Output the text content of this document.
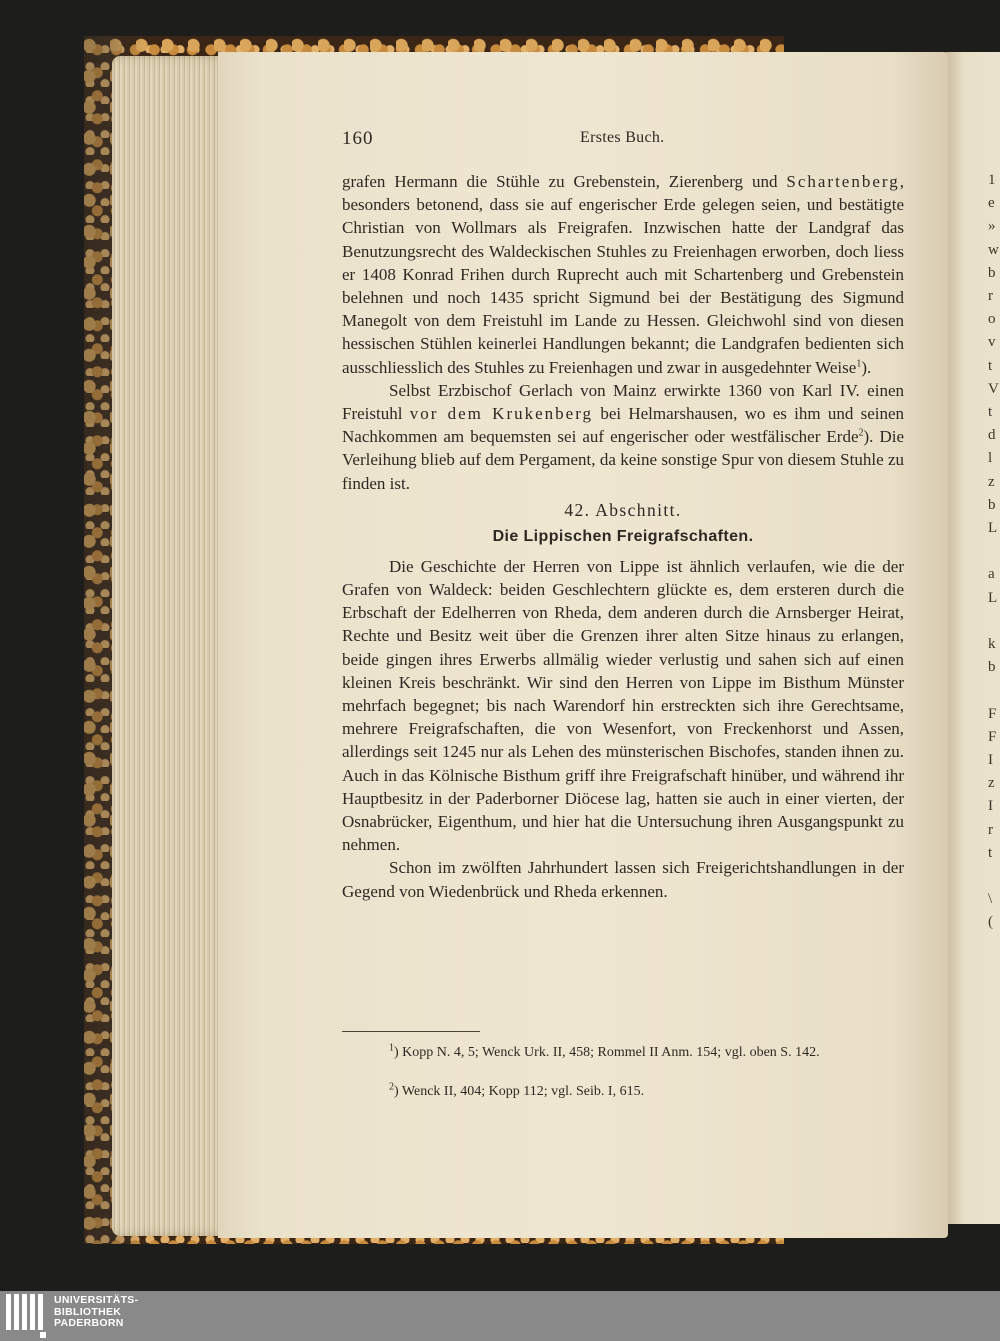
1
e
»
w
b
r
o
v
t
V
t
d
l
z
b
L
a
L
k
b
F
F
I
z
I
r
t
\
(
160	Erstes Buch.

grafen Hermann die Stühle zu Grebenstein, Zierenberg und Schartenberg, besonders betonend, dass sie auf engerischer Erde gelegen seien, und bestätigte Christian von Wollmars als Freigrafen. Inzwischen hatte der Landgraf das Benutzungsrecht des Waldeckischen Stuhles zu Freienhagen erworben, doch liess er 1408 Konrad Frihen durch Ruprecht auch mit Schartenberg und Grebenstein belehnen und noch 1435 spricht Sigmund bei der Bestätigung des Sigmund Manegolt von dem Freistuhl im Lande zu Hessen. Gleichwohl sind von diesen hessischen Stühlen keinerlei Handlungen bekannt; die Landgrafen bedienten sich ausschliesslich des Stuhles zu Freienhagen und zwar in ausgedehnter Weise$^1$).

Selbst Erzbischof Gerlach von Mainz erwirkte 1360 von Karl IV. einen Freistuhl vor dem Krukenberg bei Helmarshausen, wo es ihm und seinen Nachkommen am bequemsten sei auf engerischer oder westfälischer Erde$^2$). Die Verleihung blieb auf dem Pergament, da keine sonstige Spur von diesem Stuhle zu finden ist.

42. Abschnitt.
Die Lippischen Freigrafschaften.

Die Geschichte der Herren von Lippe ist ähnlich verlaufen, wie die der Grafen von Waldeck: beiden Geschlechtern glückte es, dem ersteren durch die Erbschaft der Edelherren von Rheda, dem anderen durch die Arnsberger Heirat, Rechte und Besitz weit über die Grenzen ihrer alten Sitze hinaus zu erlangen, beide gingen ihres Erwerbs allmälig wieder verlustig und sahen sich auf einen kleinen Kreis beschränkt. Wir sind den Herren von Lippe im Bisthum Münster mehrfach begegnet; bis nach Warendorf hin erstreckten sich ihre Gerechtsame, mehrere Freigrafschaften, die von Wesenfort, von Freckenhorst und Assen, allerdings seit 1245 nur als Lehen des münsterischen Bischofes, standen ihnen zu. Auch in das Kölnische Bisthum griff ihre Freigrafschaft hinüber, und während ihr Hauptbesitz in der Paderborner Diöcese lag, hatten sie auch in einer vierten, der Osnabrücker, Eigenthum, und hier hat die Untersuchung ihren Ausgangspunkt zu nehmen.

Schon im zwölften Jahrhundert lassen sich Freigerichtshandlungen in der Gegend von Wiedenbrück und Rheda erkennen.

$^1$) Kopp N. 4, 5; Wenck Urk. II, 458; Rommel II Anm. 154; vgl. oben S. 142.
$^2$) Wenck II, 404; Kopp 112; vgl. Seib. I, 615.
UNIVERSITÄTS-
BIBLIOTHEK
PADERBORN
